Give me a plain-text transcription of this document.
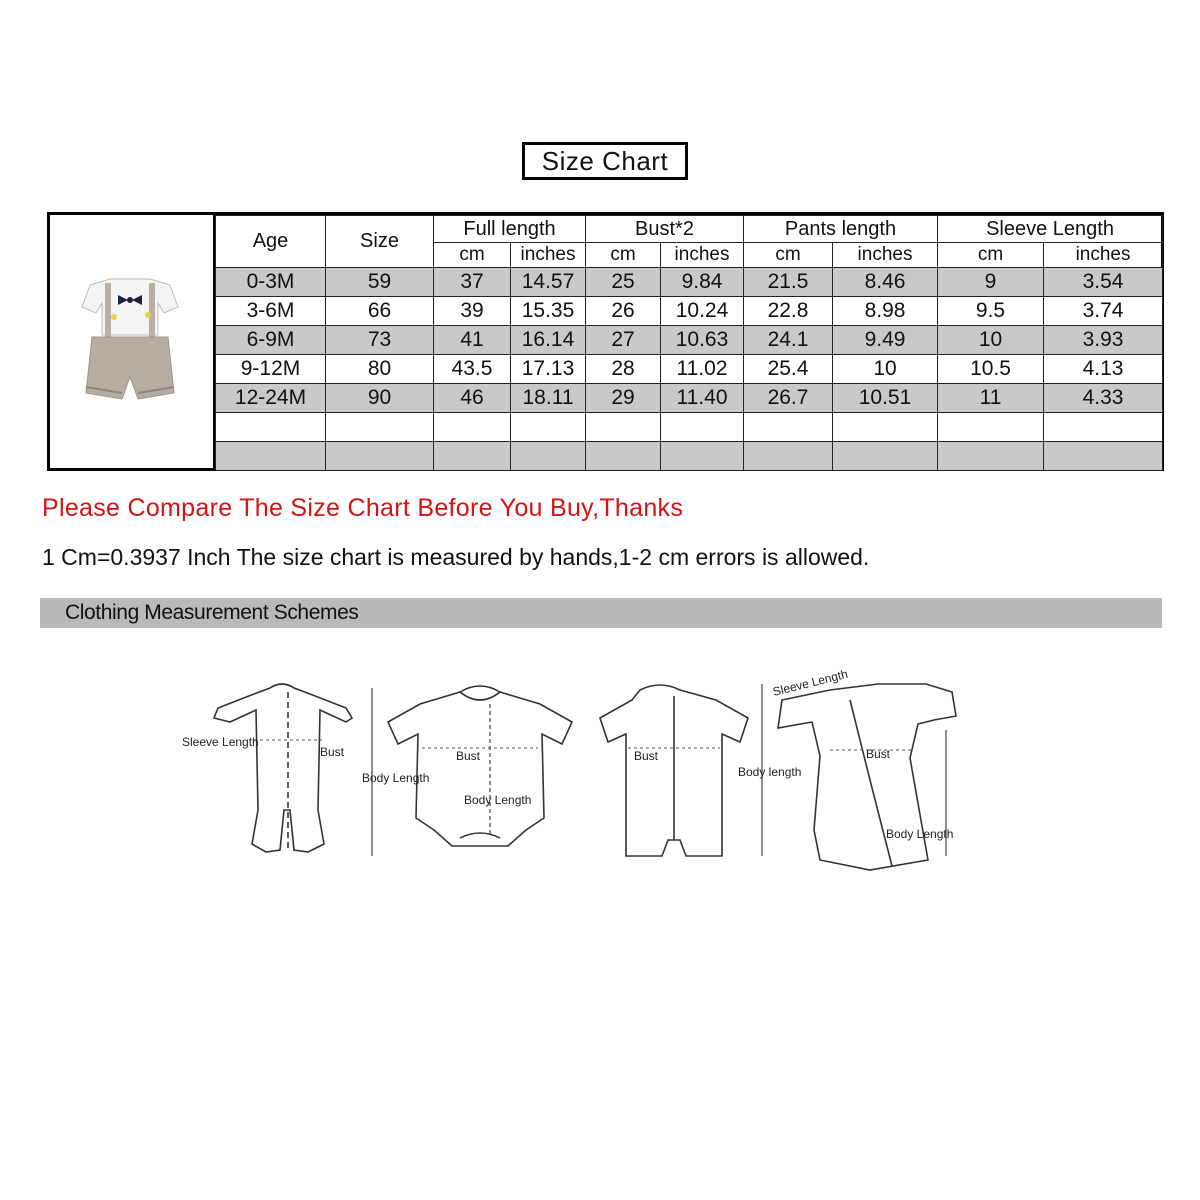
Size Chart
Age	Size	Full length		Bust*2		Pants length		Sleeve Length	
		cm	inches	cm	inches	cm	inches	cm	inches
0-3M	59	37	14.57	25	9.84	21.5	8.46	9	3.54
3-6M	66	39	15.35	26	10.24	22.8	8.98	9.5	3.74
6-9M	73	41	16.14	27	10.63	24.1	9.49	10	3.93
9-12M	80	43.5	17.13	28	11.02	25.4	10	10.5	4.13
12-24M	90	46	18.11	29	11.40	26.7	10.51	11	4.33

Please Compare The Size Chart Before You Buy,Thanks
1 Cm=0.3937 Inch The size chart is measured by hands,1-2 cm errors is allowed.
Clothing Measurement Schemes
Sleeve Length
Bust
Body Length
Bust
Body Length
Bust
Body length
Sleeve Length
Bust
Body Length
